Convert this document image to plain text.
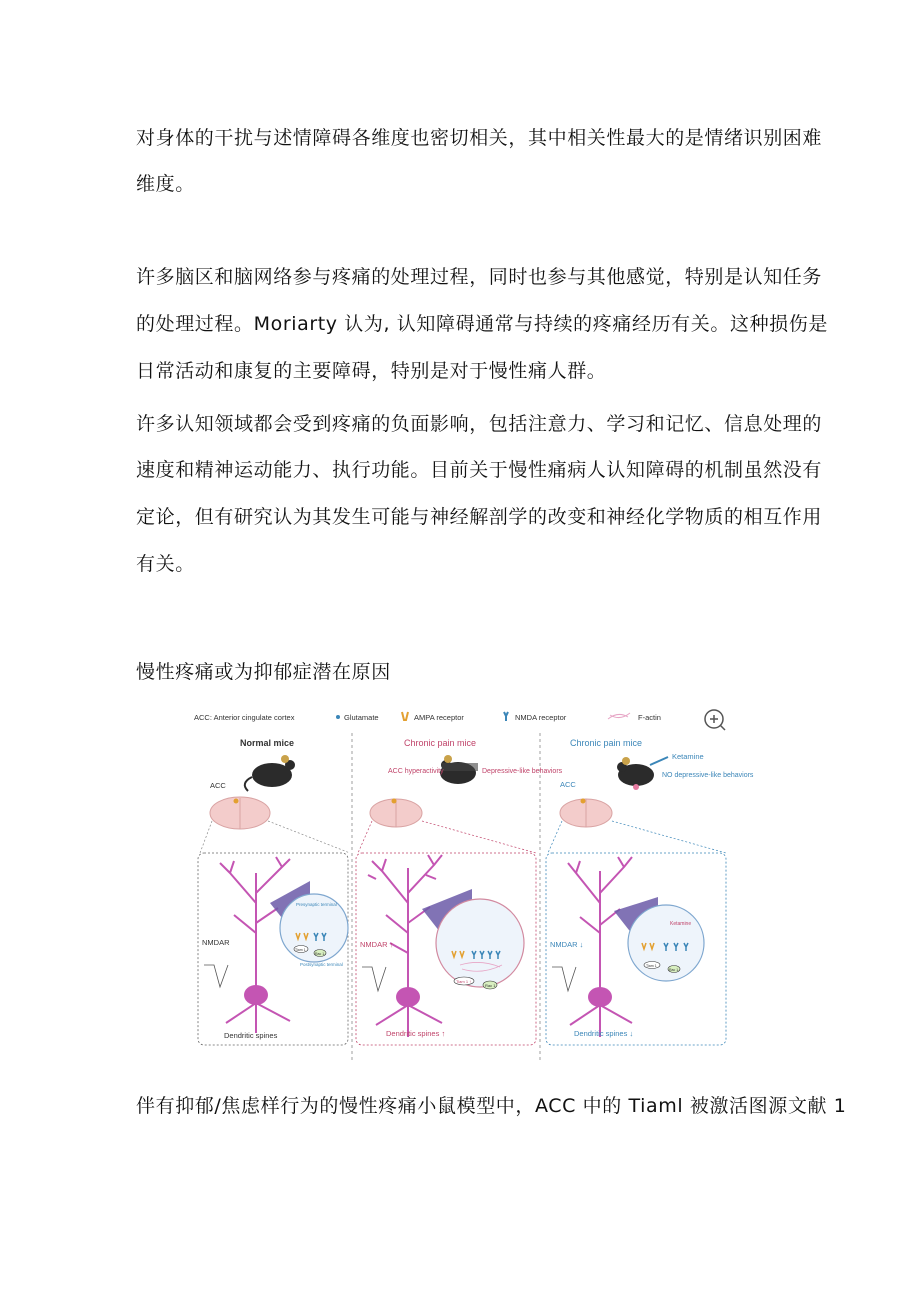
对身体的干扰与述情障碍各维度也密切相关，其中相关性最大的是情绪识别困难
维度。
许多脑区和脑网络参与疼痛的处理过程，同时也参与其他感觉，特别是认知任务
的处理过程。Moriarty 认为, 认知障碍通常与持续的疼痛经历有关。这种损伤是
日常活动和康复的主要障碍，特别是对于慢性痛人群。
许多认知领域都会受到疼痛的负面影响，包括注意力、学习和记忆、信息处理的
速度和精神运动能力、执行功能。目前关于慢性痛病人认知障碍的机制虽然没有
定论，但有研究认为其发生可能与神经解剖学的改变和神经化学物质的相互作用
有关。
慢性疼痛或为抑郁症潜在原因
ACC: Anterior cingulate cortex	Glutamate	AMPA receptor	NMDA receptor	F-actin
Normal mice
ACC
Presynaptic terminal
Tiam 1
Rac 1
Postsynaptic terminal
NMDAR
Dendritic spines
Chronic pain mice
ACC hyperactivity	Depressive-like behaviors
Tiam 1 ↑
Rac 1
NMDAR ↑
Dendritic spines ↑
Chronic pain mice
Ketamine
ACC
NO depressive-like behaviors
Ketamine
Tiam 1
Rac 1
NMDAR ↓
Dendritic spines ↓
伴有抑郁/焦虑样行为的慢性疼痛小鼠模型中，ACC 中的 Tiaml 被激活图源文献 1
